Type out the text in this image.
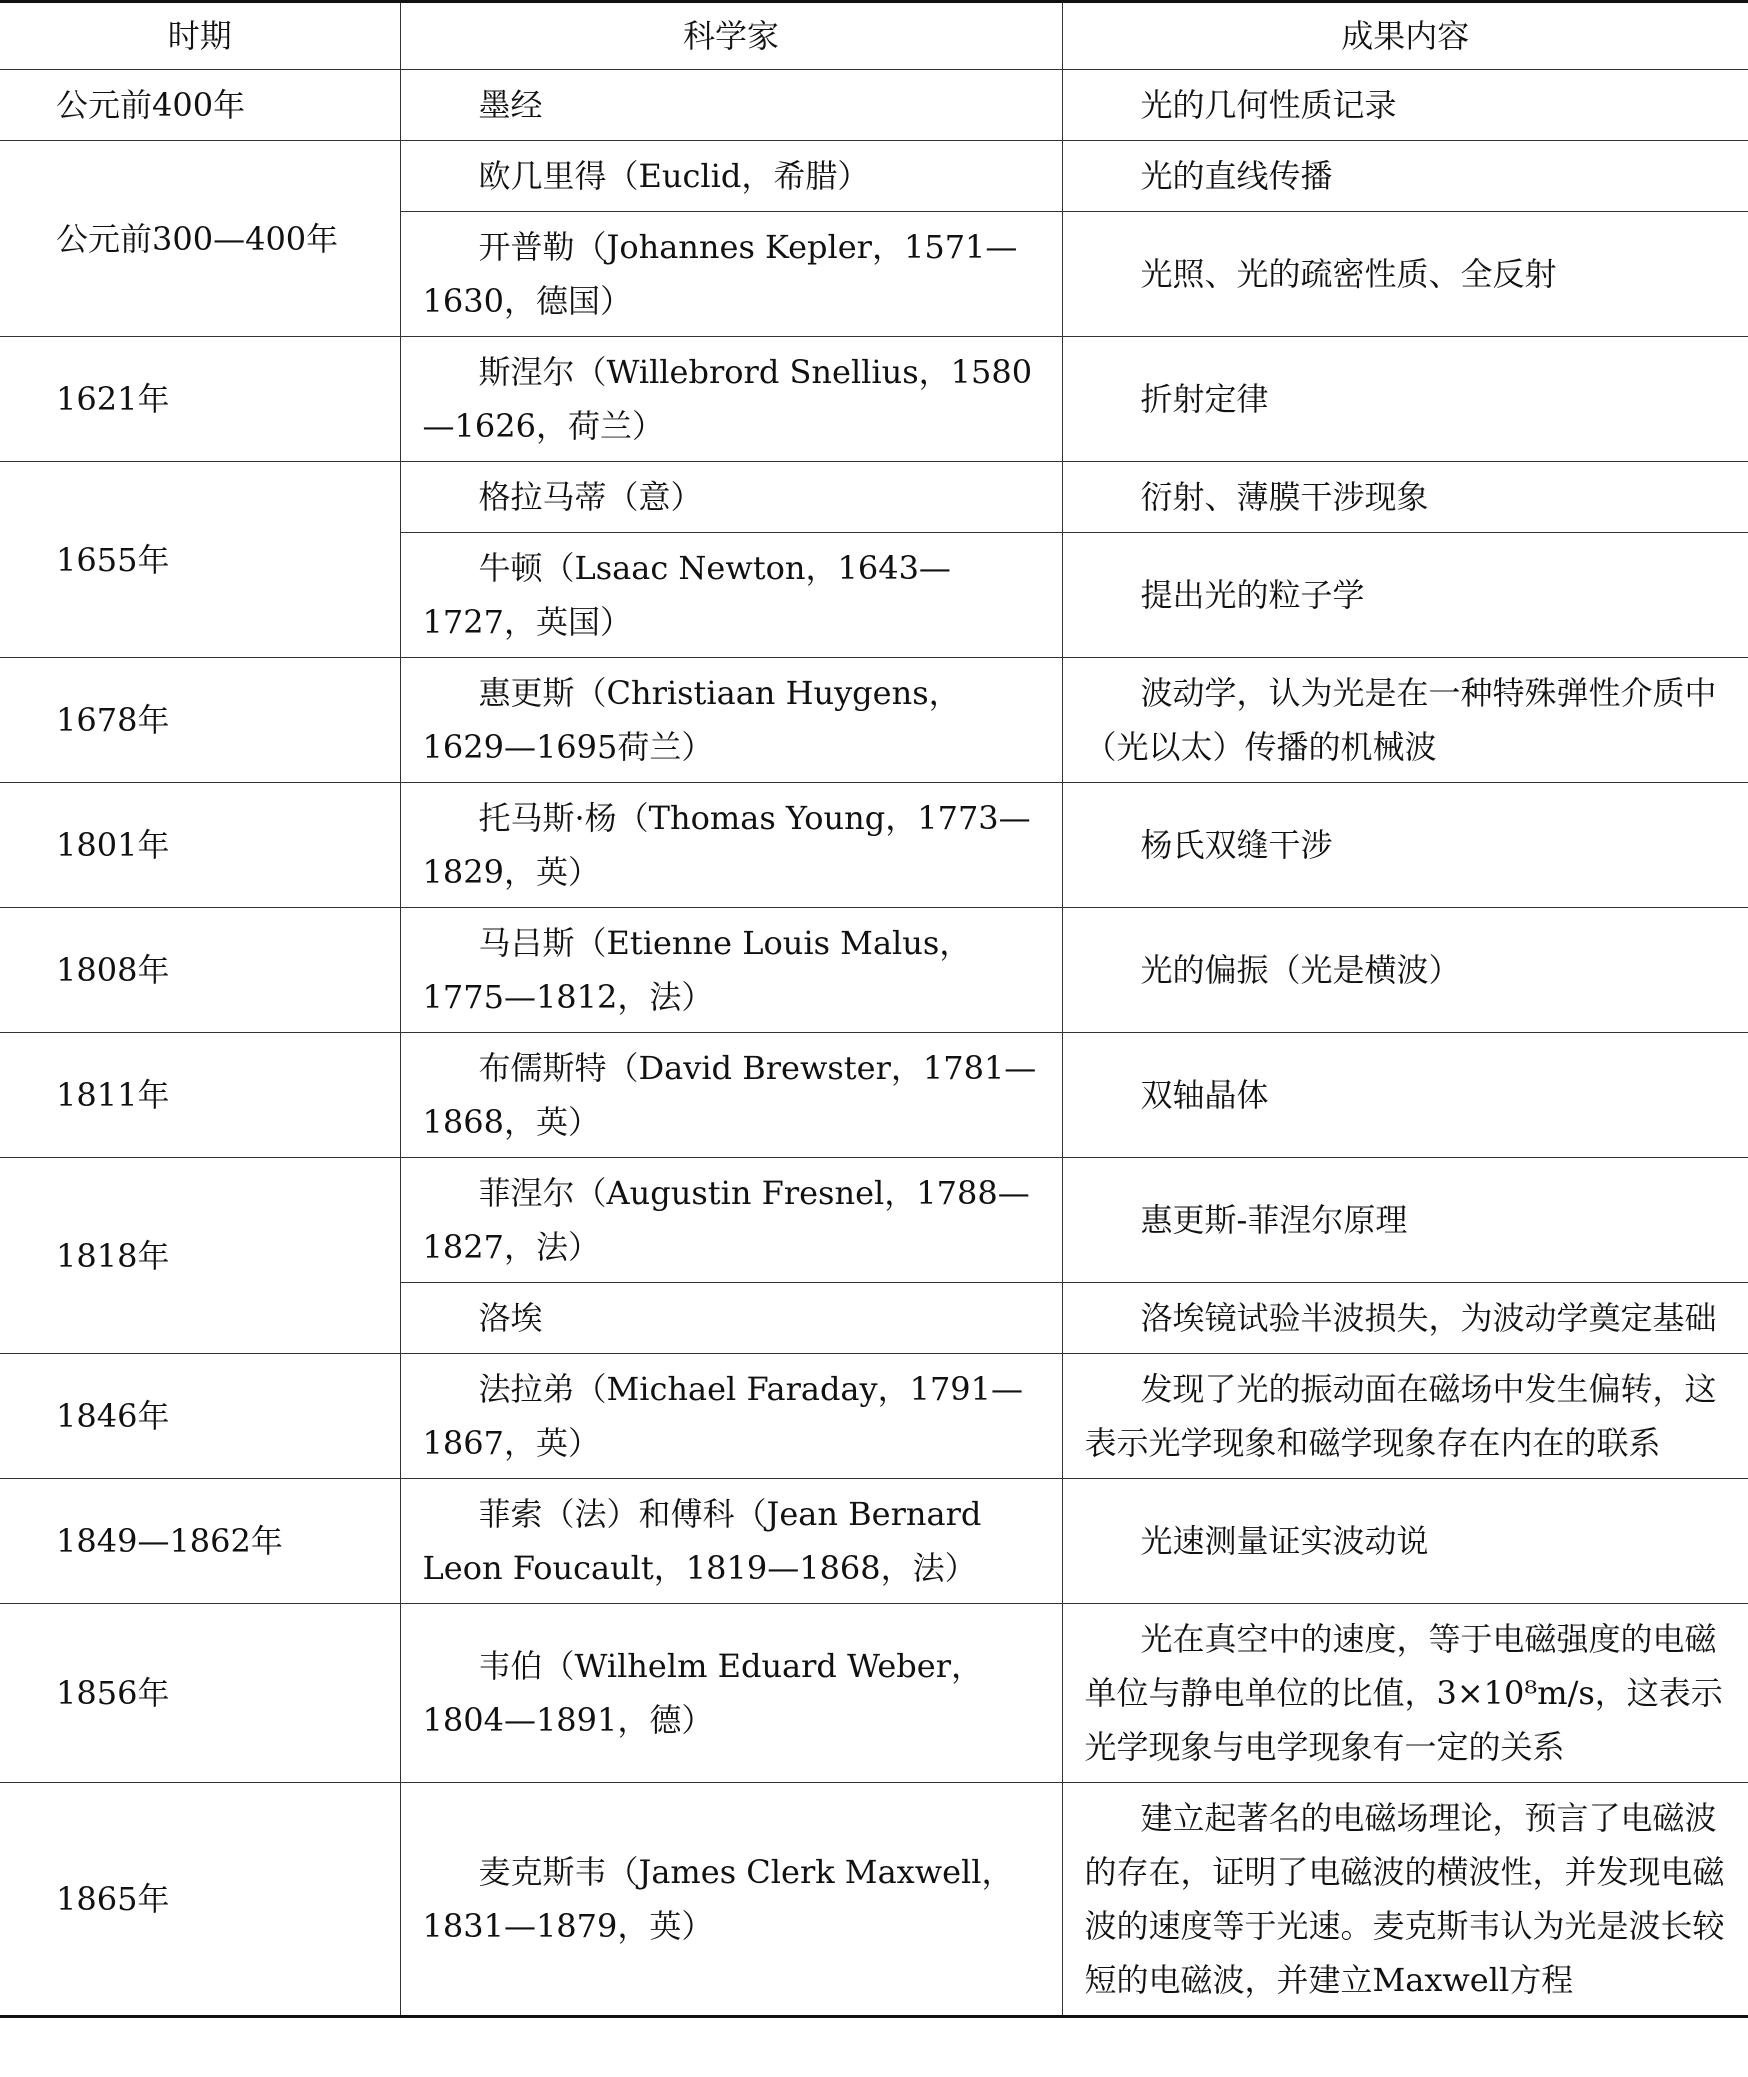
时期	科学家	成果内容
公元前400年	墨经	光的几何性质记录
公元前300—400年	欧几里得（Euclid，希腊）	光的直线传播
	开普勒（Johannes Kepler，1571—1630，德国）	光照、光的疏密性质、全反射
1621年	斯涅尔（Willebrord Snellius，1580—1626，荷兰）	折射定律
1655年	格拉马蒂（意）	衍射、薄膜干涉现象
	牛顿（Lsaac Newton，1643—1727，英国）	提出光的粒子学
1678年	惠更斯（Christiaan Huygens，1629—1695荷兰）	波动学，认为光是在一种特殊弹性介质中（光以太）传播的机械波
1801年	托马斯·杨（Thomas Young，1773—1829，英）	杨氏双缝干涉
1808年	马吕斯（Etienne Louis Malus，1775—1812，法）	光的偏振（光是横波）
1811年	布儒斯特（David Brewster，1781—1868，英）	双轴晶体
1818年	菲涅尔（Augustin Fresnel，1788—1827，法）	惠更斯-菲涅尔原理
	洛埃	洛埃镜试验半波损失，为波动学奠定基础
1846年	法拉弟（Michael Faraday，1791—1867，英）	发现了光的振动面在磁场中发生偏转，这表示光学现象和磁学现象存在内在的联系
1849—1862年	菲索（法）和傅科（Jean Bernard Leon Foucault，1819—1868，法）	光速测量证实波动说
1856年	韦伯（Wilhelm Eduard Weber，1804—1891，德）	光在真空中的速度，等于电磁强度的电磁单位与静电单位的比值，3×10⁸m/s，这表示光学现象与电学现象有一定的关系
1865年	麦克斯韦（James Clerk Maxwell，1831—1879，英）	建立起著名的电磁场理论，预言了电磁波的存在，证明了电磁波的横波性，并发现电磁波的速度等于光速。麦克斯韦认为光是波长较短的电磁波，并建立Maxwell方程
